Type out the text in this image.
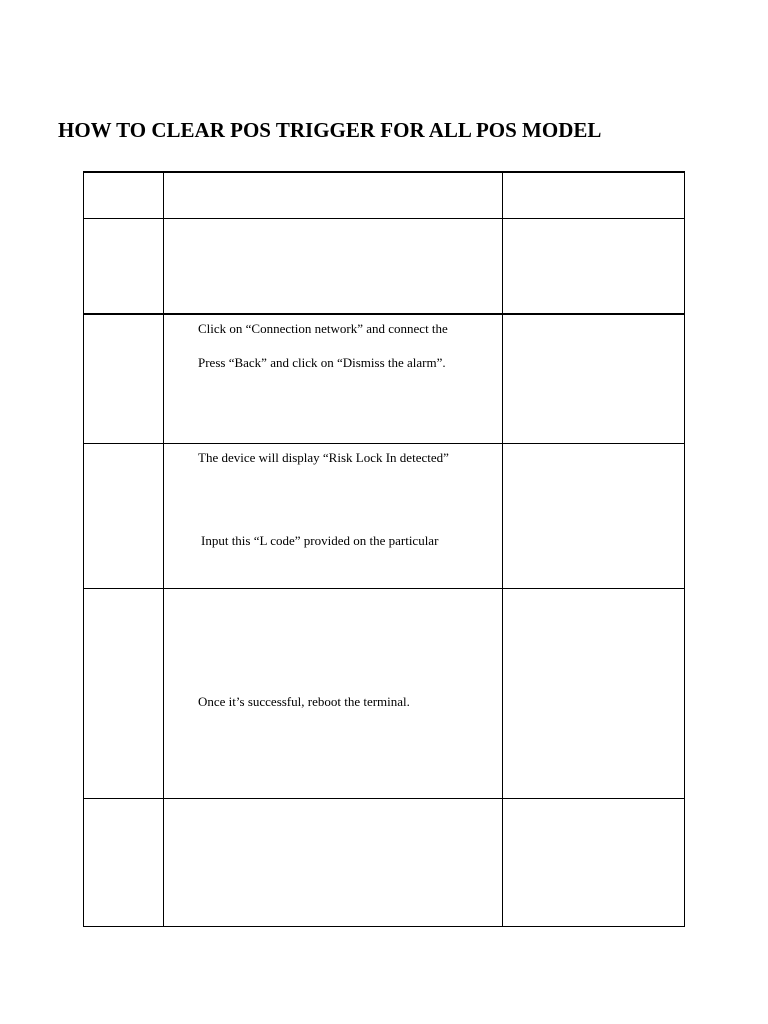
HOW TO CLEAR POS TRIGGER FOR ALL POS MODEL
Click on “Connection network” and connect the
Press “Back” and click on “Dismiss the alarm”.
The device will display “Risk Lock In detected”
Input this “L code” provided on the particular
Once it’s successful, reboot the terminal.
